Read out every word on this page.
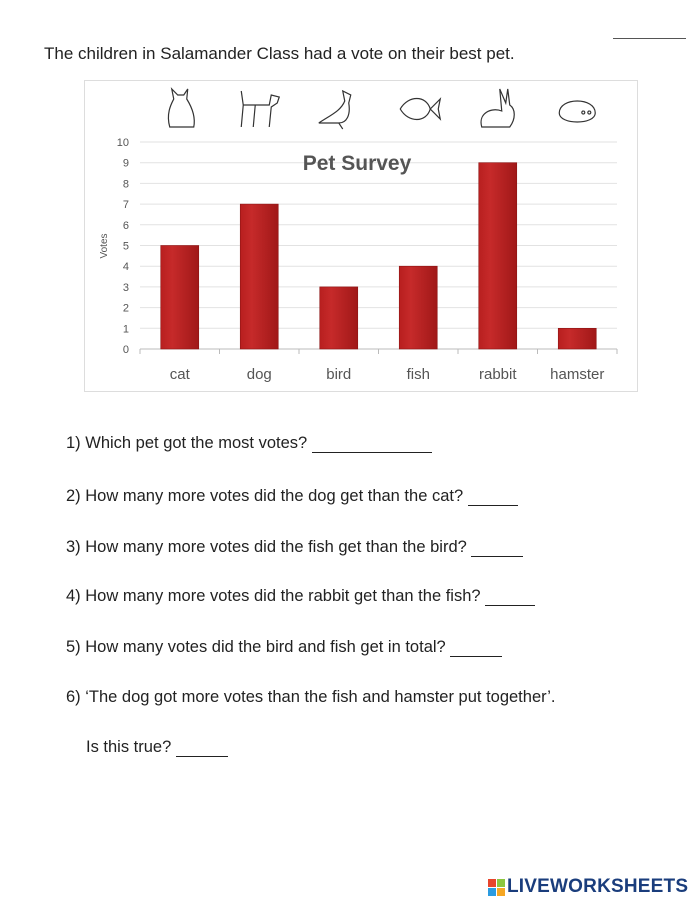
The children in Salamander Class had a vote on their best pet.
0
1
2
3
4
5
6
7
8
9
10
Votes
Pet Survey
cat	dog	bird	fish	rabbit hamster
1) Which pet got the most votes?
2) How many more votes did the dog get than the cat?
3) How many more votes did the fish get than the bird?
4) How many more votes did the rabbit get than the fish?
5) How many votes did the bird and fish get in total?
6) ‘The dog got more votes than the fish and hamster put together’.
Is this true?
LIVEWORKSHEETS
